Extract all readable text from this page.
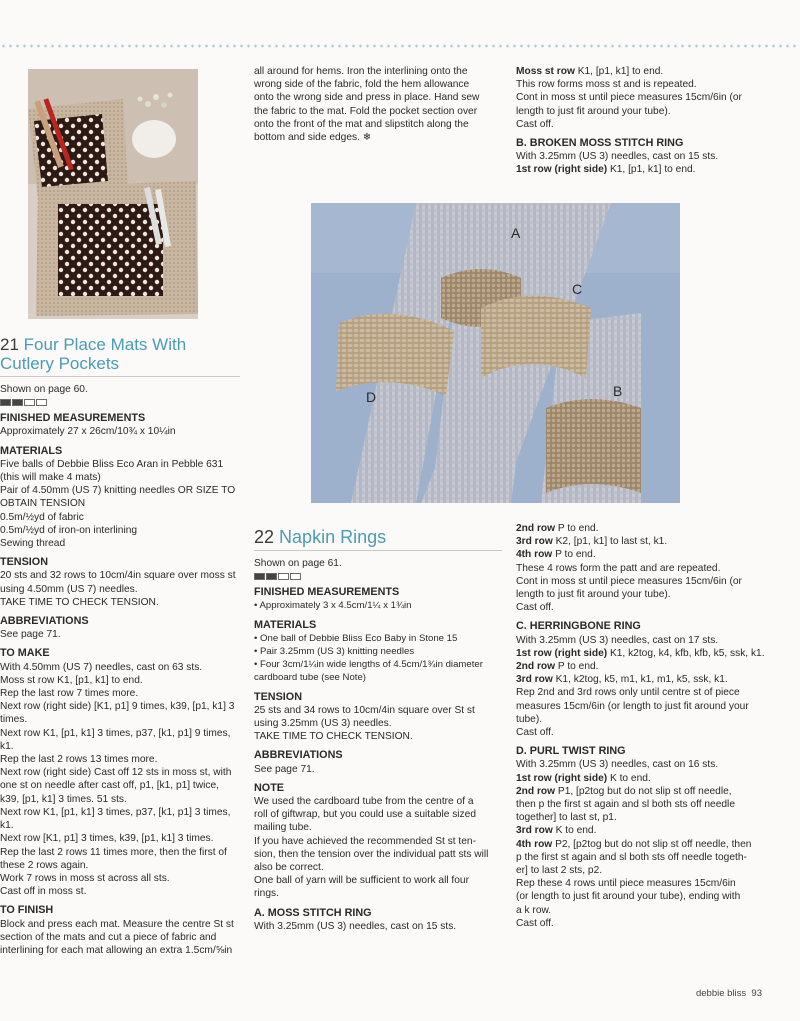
21 Four Place Mats With
Cutlery Pockets

Shown on page 60.

FINISHED MEASUREMENTS

Approximately 27 x 26cm/10¾ x 10¼in

MATERIALS

Five balls of Debbie Bliss Eco Aran in Pebble 631

(this will make 4 mats)

Pair of 4.50mm (US 7) knitting needles OR SIZE TO

OBTAIN TENSION

0.5m/½yd of fabric

0.5m/½yd of iron-on interlining

Sewing thread

TENSION

20 sts and 32 rows to 10cm/4in square over moss st

using 4.50mm (US 7) needles.

TAKE TIME TO CHECK TENSION.

ABBREVIATIONS

See page 71.

TO MAKE

With 4.50mm (US 7) needles, cast on 63 sts.

Moss st row K1, [p1, k1] to end.

Rep the last row 7 times more.

Next row (right side) [K1, p1] 9 times, k39, [p1, k1] 3

times.

Next row K1, [p1, k1] 3 times, p37, [k1, p1] 9 times, k1.

Rep the last 2 rows 13 times more.

Next row (right side) Cast off 12 sts in moss st, with

one st on needle after cast off, p1, [k1, p1] twice,

k39, [p1, k1] 3 times. 51 sts.

Next row K1, [p1, k1] 3 times, p37, [k1, p1] 3 times, k1.

Next row [K1, p1] 3 times, k39, [p1, k1] 3 times.

Rep the last 2 rows 11 times more, then the first of

these 2 rows again.

Work 7 rows in moss st across all sts.

Cast off in moss st.

TO FINISH

Block and press each mat. Measure the centre St st

section of the mats and cut a piece of fabric and

interlining for each mat allowing an extra 1.5cm/⅝in

all around for hems. Iron the interlining onto the

wrong side of the fabric, fold the hem allowance

onto the wrong side and press in place. Hand sew

the fabric to the mat. Fold the pocket section over

onto the front of the mat and slipstitch along the

bottom and side edges. ❄

Moss st row K1, [p1, k1] to end.

This row forms moss st and is repeated.

Cont in moss st until piece measures 15cm/6in (or

length to just fit around your tube).

Cast off.

B. BROKEN MOSS STITCH RING

With 3.25mm (US 3) needles, cast on 15 sts.

1st row (right side) K1, [p1, k1] to end.

A
C
D	B
22 Napkin Rings

Shown on page 61.

FINISHED MEASUREMENTS

• Approximately 3 x 4.5cm/1¼ x 1¾in

MATERIALS

• One ball of Debbie Bliss Eco Baby in Stone 15

• Pair 3.25mm (US 3) knitting needles

• Four 3cm/1¼in wide lengths of 4.5cm/1¾in diameter

cardboard tube (see Note)

TENSION

25 sts and 34 rows to 10cm/4in square over St st

using 3.25mm (US 3) needles.

TAKE TIME TO CHECK TENSION.

ABBREVIATIONS

See page 71.

NOTE

We used the cardboard tube from the centre of a

roll of giftwrap, but you could use a suitable sized

mailing tube.

If you have achieved the recommended St st ten-

sion, then the tension over the individual patt sts will

also be correct.

One ball of yarn will be sufficient to work all four

rings.

A. MOSS STITCH RING

With 3.25mm (US 3) needles, cast on 15 sts.

2nd row P to end.

3rd row K2, [p1, k1] to last st, k1.

4th row P to end.

These 4 rows form the patt and are repeated.

Cont in moss st until piece measures 15cm/6in (or

length to just fit around your tube).

Cast off.

C. HERRINGBONE RING

With 3.25mm (US 3) needles, cast on 17 sts.

1st row (right side) K1, k2tog, k4, kfb, kfb, k5, ssk, k1.

2nd row P to end.

3rd row K1, k2tog, k5, m1, k1, m1, k5, ssk, k1.

Rep 2nd and 3rd rows only until centre st of piece

measures 15cm/6in (or length to just fit around your

tube).

Cast off.

D. PURL TWIST RING

With 3.25mm (US 3) needles, cast on 16 sts.

1st row (right side) K to end.

2nd row P1, [p2tog but do not slip st off needle,

then p the first st again and sl both sts off needle

together] to last st, p1.

3rd row K to end.

4th row P2, [p2tog but do not slip st off needle, then

p the first st again and sl both sts off needle togeth-

er] to last 2 sts, p2.

Rep these 4 rows until piece measures 15cm/6in

(or length to just fit around your tube), ending with

a k row.

Cast off.

debbie bliss 93
